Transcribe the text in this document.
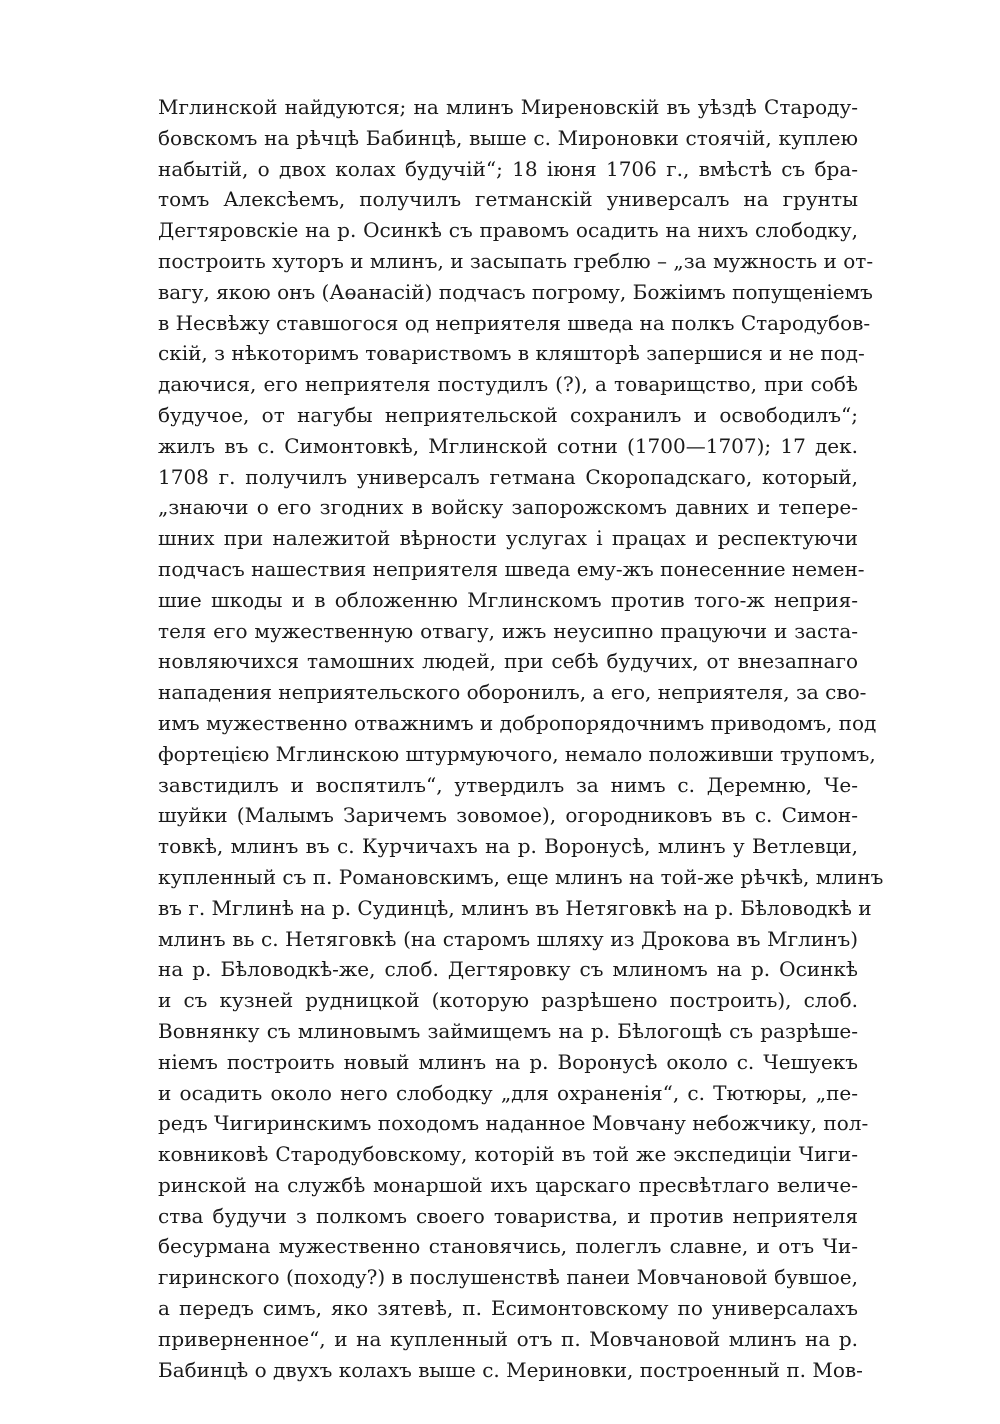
Мглинской найдуются; на млинъ Миреновскій въ уѣздѣ Староду-
бовскомъ на рѣчцѣ Бабинцѣ, выше с. Мироновки стоячій, куплею
набытій, о двох колах будучій“; 18 іюня 1706 г., вмѣстѣ съ бра-
томъ Алексѣемъ, получилъ гетманскій универсалъ на грунты
Дегтяровскіе на р. Осинкѣ съ правомъ осадить на нихъ слободку,
построить хуторъ и млинъ, и засыпать греблю – „за мужность и от-
вагу, якою онъ (Аөанасій) подчасъ погрому, Божіимъ попущеніемъ
в Несвѣжу ставшогося од неприятеля шведа на полкъ Стародубов-
скій, з нѣкоторимъ товариствомъ в кляшторѣ запершися и не под-
даючися, его неприятеля постудилъ (?), а товарищство, при собѣ
будучое, от нагубы неприятельской сохранилъ и освободилъ“;
жилъ въ с. Симонтовкѣ, Мглинской сотни (1700—1707); 17 дек.
1708 г. получилъ универсалъ гетмана Скоропадскаго, который,
„знаючи о его згодних в войску запорожскомъ давних и тепере-
шних при належитой вѣрности услугах і працах и респектуючи
подчасъ нашествия неприятеля шведа ему-жъ понесенние немен-
шие шкоды и в обложенню Мглинскомъ против того-ж неприя-
теля его мужественную отвагу, ижъ неусипно працуючи и заста-
новляючихся тамошних людей, при себѣ будучих, от внезапнаго
нападения неприятельского оборонилъ, а его, неприятеля, за сво-
имъ мужественно отважнимъ и добропорядочнимъ приводомъ, под
фортецією Мглинскою штурмуючого, немало положивши трупомъ,
завстидилъ и воспятилъ“, утвердилъ за нимъ с. Деремню, Че-
шуйки (Малымъ Заричемъ зовомое), огородниковъ въ с. Симон-
товкѣ, млинъ въ с. Курчичахъ на р. Воронусѣ, млинъ у Ветлевци,
купленный съ п. Романовскимъ, еще млинъ на той-же рѣчкѣ, млинъ
въ г. Мглинѣ на р. Судинцѣ, млинъ въ Нетяговкѣ на р. Бѣловодкѣ и
млинъ вь с. Нетяговкѣ (на старомъ шляху из Дрокова въ Мглинъ)
на р. Бѣловодкѣ-же, слоб. Дегтяровку съ млиномъ на р. Осинкѣ
и съ кузней рудницкой (которую разрѣшено построить), слоб.
Вовнянку съ млиновымъ займищемъ на р. Бѣлогощѣ съ разрѣше-
ніемъ построить новый млинъ на р. Воронусѣ около с. Чешуекъ
и осадить около него слободку „для охраненія“, с. Тютюры, „пе-
редъ Чигиринскимъ походомъ наданное Мовчану небожчику, пол-
ковниковѣ Стародубовскому, которій въ той же экспедиціи Чиги-
ринской на службѣ монаршой ихъ царскаго пресвѣтлаго величе-
ства будучи з полкомъ своего товариства, и против неприятеля
бесурмана мужественно становячись, полеглъ славне, и отъ Чи-
гиринского (походу?) в послушенствѣ панеи Мовчановой бувшое,
а передъ симъ, яко зятевѣ, п. Есимонтовскому по универсалахъ
приверненное“, и на купленный отъ п. Мовчановой млинъ на р.
Бабинцѣ о двухъ колахъ выше с. Мериновки, построенный п. Мов-
